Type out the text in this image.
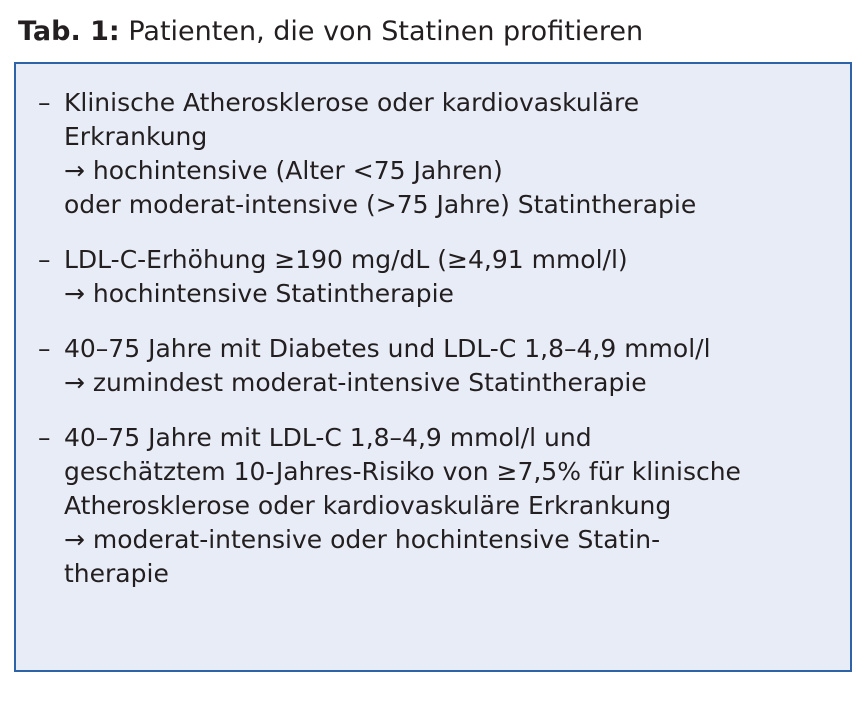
Tab. 1: Patienten, die von Statinen profitieren
– Klinische Atherosklerose oder kardiovaskuläre
Erkrankung
→ hochintensive (Alter <75 Jahren)
oder moderat-intensive (>75 Jahre) Statintherapie
– LDL-C-Erhöhung ≥190 mg/dL (≥4,91 mmol/l)
→ hochintensive Statintherapie
– 40–75 Jahre mit Diabetes und LDL-C 1,8–4,9 mmol/l
→ zumindest moderat-intensive Statintherapie
– 40–75 Jahre mit LDL-C 1,8–4,9 mmol/l und
geschätztem 10-Jahres-Risiko von ≥7,5% für klinische
Atherosklerose oder kardiovaskuläre Erkrankung
→ moderat-intensive oder hochintensive Statin-
therapie
